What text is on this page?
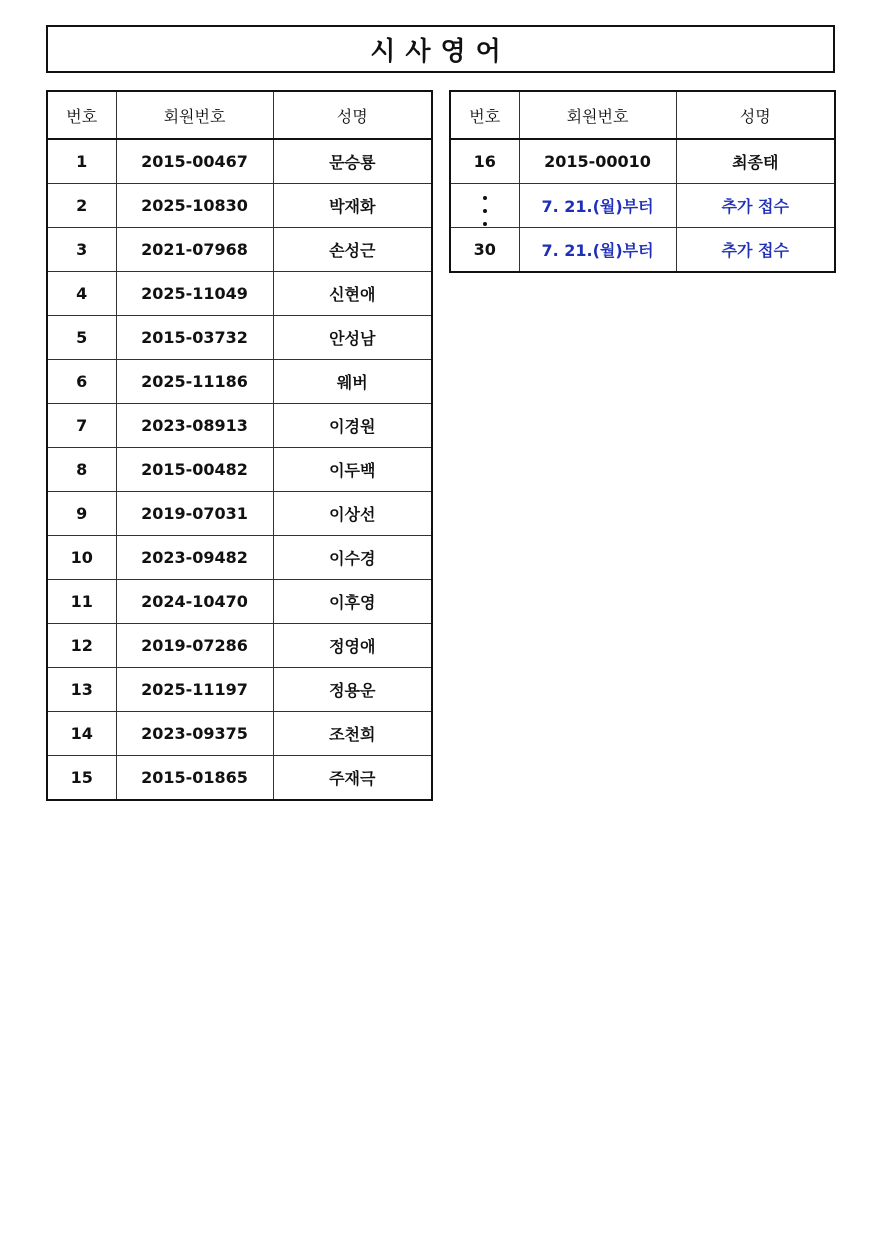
시사영어
번호	회원번호	성명
1	2015-00467	문승룡
2	2025-10830	박재화
3	2021-07968	손성근
4	2025-11049	신현애
5	2015-03732	안성남
6	2025-11186	웨버
7	2023-08913	이경원
8	2015-00482	이두백
9	2019-07031	이상선
10	2023-09482	이수경
11	2024-10470	이후영
12	2019-07286	정영애
13	2025-11197	정용운
14	2023-09375	조천희
15	2015-01865	주재극
번호	회원번호	성명
16	2015-00010	최종태

	7. 21.(월)부터	추가 접수
30	7. 21.(월)부터	추가 접수
